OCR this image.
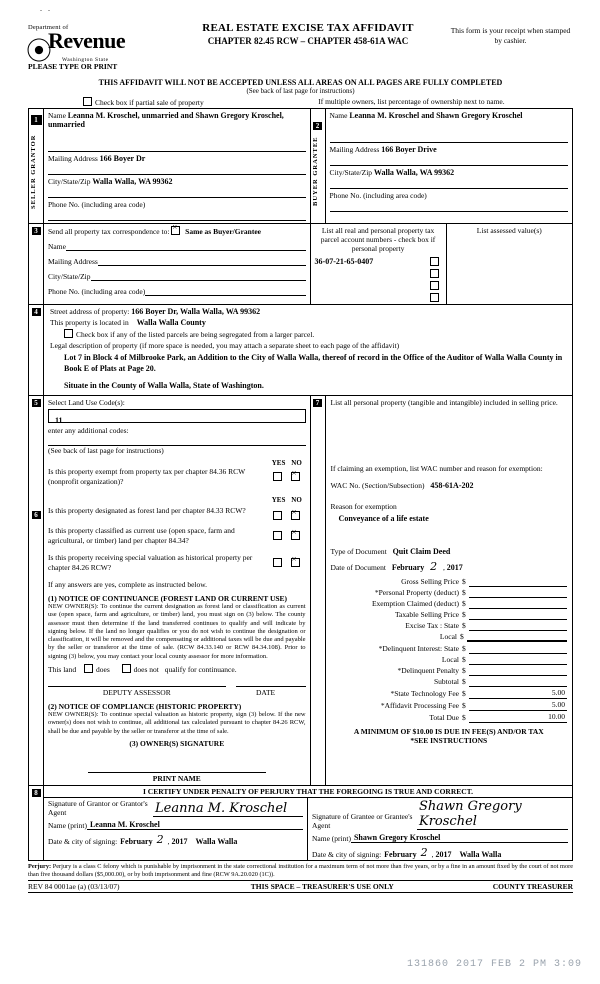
..
Department of
⦿
Revenue
Washington State
REAL ESTATE EXCISE TAX AFFIDAVIT
CHAPTER 82.45 RCW – CHAPTER 458-61A WAC
This form is your receipt when stamped by cashier.
PLEASE TYPE OR PRINT
THIS AFFIDAVIT WILL NOT BE ACCEPTED UNLESS ALL AREAS ON ALL PAGES ARE FULLY COMPLETED
(See back of last page for instructions)
Check box if partial sale of property	If multiple owners, list percentage of ownership next to name.
1
SELLER GRANTOR

Name Leanna M. Kroschel, unmarried and Shawn Gregory Kroschel, unmarried
Mailing Address 166 Boyer Dr
City/State/Zip Walla Walla, WA 99362
Phone No. (including area code)

2
BUYER GRANTEE

Name Leanna M. Kroschel and Shawn Gregory Kroschel
Mailing Address 166 Boyer Drive
City/State/Zip Walla Walla, WA 99362
Phone No. (including area code)
3	Send all property tax correspondence to: × Same as Buyer/Grantee
Name
Mailing Address
City/State/Zip
Phone No. (including area code)

List all real and personal property tax parcel account numbers - check box if personal property
36-07-21-65-0407

List assessed value(s)
4	Street address of property: 166 Boyer Dr, Walla Walla, WA 99362
This property is located in Walla Walla County
Check box if any of the listed parcels are being segregated from a larger parcel.
Legal description of property (if more space is needed, you may attach a separate sheet to each page of the affidavit)
Lot 7 in Block 4 of Milbrooke Park, an Addition to the City of Walla Walla, thereof of record in the Office of the Auditor of Walla Walla County in Book E of Plats at Page 20.
Situate in the County of Walla Walla, State of Washington.
5
6

Select Land Use Code(s):
11
enter any additional codes:
(See back of last page for instructions)
YES NO
Is this property exempt from property tax per chapter 84.36 RCW (nonprofit organization)?
×
YES NO
Is this property designated as forest land per chapter 84.33 RCW?
×
Is this property classified as current use (open space, farm and agricultural, or timber) land per chapter 84.34?
×
Is this property receiving special valuation as historical property per chapter 84.26 RCW?
×
If any answers are yes, complete as instructed below.
(1) NOTICE OF CONTINUANCE (FOREST LAND OR CURRENT USE)
NEW OWNER(S): To continue the current designation as forest land or classification as current use (open space, farm and agriculture, or timber) land, you must sign on (3) below. The county assessor must then determine if the land transferred continues to qualify and will indicate by signing below. If the land no longer qualifies or you do not wish to continue the designation or classification, it will be removed and the compensating or additional taxes will be due and payable by the seller or transferor at the time of sale. (RCW 84.33.140 or RCW 84.34.108). Prior to signing (3) below, you may contact your local county assessor for more information.
This land	does	does not qualify for continuance.
DEPUTY ASSESSOR	DATE
(2) NOTICE OF COMPLIANCE (HISTORIC PROPERTY)
NEW OWNER(S): To continue special valuation as historic property, sign (3) below. If the new owner(s) does not wish to continue, all additional tax calculated pursuant to chapter 84.26 RCW, shall be due and payable by the seller or transferor at the time of sale.
(3) OWNER(S) SIGNATURE
PRINT NAME

7	List all personal property (tangible and intangible) included in selling price.
If claiming an exemption, list WAC number and reason for exemption:
WAC No. (Section/Subsection) 458-61A-202
Reason for exemption
Conveyance of a life estate
Type of Document Quit Claim Deed
Date of Document February 2 , 2017
Gross Selling Price $
*Personal Property (deduct) $
Exemption Claimed (deduct) $
Taxable Selling Price $
Excise Tax : State $
Local $
*Delinquent Interest: State $
Local $
*Delinquent Penalty $
Subtotal $
*State Technology Fee $	5.00
*Affidavit Processing Fee $	5.00
Total Due $	10.00
A MINIMUM OF $10.00 IS DUE IN FEE(S) AND/OR TAX
*SEE INSTRUCTIONS
8	I CERTIFY UNDER PENALTY OF PERJURY THAT THE FOREGOING IS TRUE AND CORRECT.
Signature of Grantor or Grantor's Agent	Leanna M. Kroschel
Name (print) Leanna M. Kroschel
Date & city of signing: February 2 , 2017	Walla Walla
Signature of Grantee or Grantee's Agent
Shawn Gregory Kroschel
Name (print) Shawn Gregory Kroschel
Date & city of signing: February 2 , 2017	Walla Walla
Perjury: Perjury is a class C felony which is punishable by imprisonment in the state correctional institution for a maximum term of not more than five years, or by a fine in an amount fixed by the court of not more than five thousand dollars ($5,000.00), or by both imprisonment and fine (RCW 9A.20.020 (1C)).
REV 84 0001ae (a) (03/13/07)	THIS SPACE – TREASURER'S USE ONLY	COUNTY TREASURER
131860 2017 FEB 2 PM 3:09
